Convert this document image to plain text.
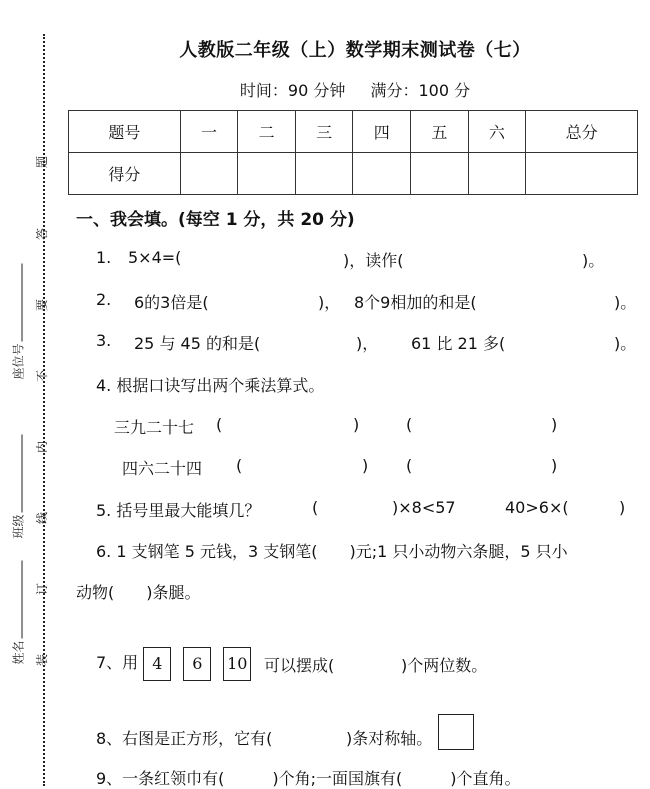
题
答
要
不
内
线
订
装
座位号
班级
姓名
人教版二年级（上）数学期末测试卷（七）
时间：90 分钟 满分：100 分
题号	一	二	三	四	五	六	总分
得分							
一、我会填。(每空 1 分，共 20 分)
1. 5×4=(	)，读作(	)。
2. 6的3倍是(	)， 8个9相加的和是(	)。
3. 25 与 45 的和是(	)， 61 比 21 多(	)。
4. 根据口诀写出两个乘法算式。
三九二十七 (	)	(	)
四六二十四 (	) (	)
5. 括号里最大能填几？	(	)×8<57	40>6×(	)
6. 1 支钢笔 5 元钱，3 支钢笔(　　)元;1 只小动物六条腿，5 只小
动物(　　)条腿。
7、用 4 6 10	可以摆成(	)个两位数。
8、右图是正方形，它有(	)条对称轴。
9、一条红领巾有(　　　)个角;一面国旗有(　　　)个直角。
